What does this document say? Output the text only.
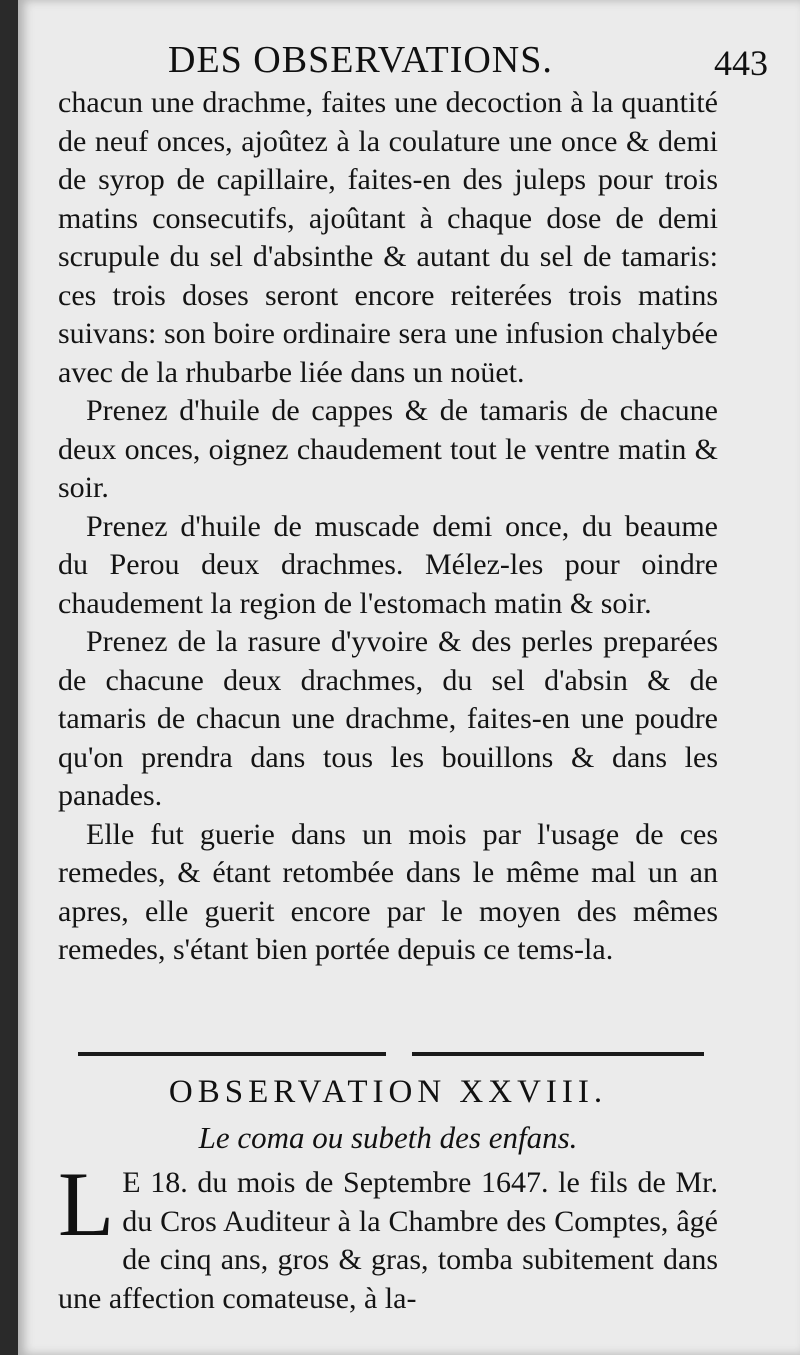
DES OBSERVATIONS.	443

chacun une drachme, faites une decoction à la quantité de neuf onces, ajoûtez à la coulature une once & demi de syrop de capillaire, faites-en des juleps pour trois matins consecutifs, ajoûtant à chaque dose de demi scrupule du sel d'absinthe & autant du sel de tamaris: ces trois doses seront encore reiterées trois matins suivans: son boire ordinaire sera une infusion chalybée avec de la rhubarbe liée dans un noüet.

Prenez d'huile de cappes & de tamaris de chacune deux onces, oignez chaudement tout le ventre matin & soir.

Prenez d'huile de muscade demi once, du beaume du Perou deux drachmes. Mélez-les pour oindre chaudement la region de l'estomach matin & soir.

Prenez de la rasure d'yvoire & des perles preparées de chacune deux drachmes, du sel d'absin & de tamaris de chacun une drachme, faites-en une poudre qu'on prendra dans tous les bouillons & dans les panades.

Elle fut guerie dans un mois par l'usage de ces remedes, & étant retombée dans le même mal un an apres, elle guerit encore par le moyen des mêmes remedes, s'étant bien portée depuis ce tems-la.

OBSERVATION XXVIII.
Le coma ou subeth des enfans.
L E 18. du mois de Septembre 1647. le fils de Mr. du Cros Auditeur à la Chambre des Comptes, âgé de cinq ans, gros & gras, tomba subitement dans une affection comateuse, à la-
